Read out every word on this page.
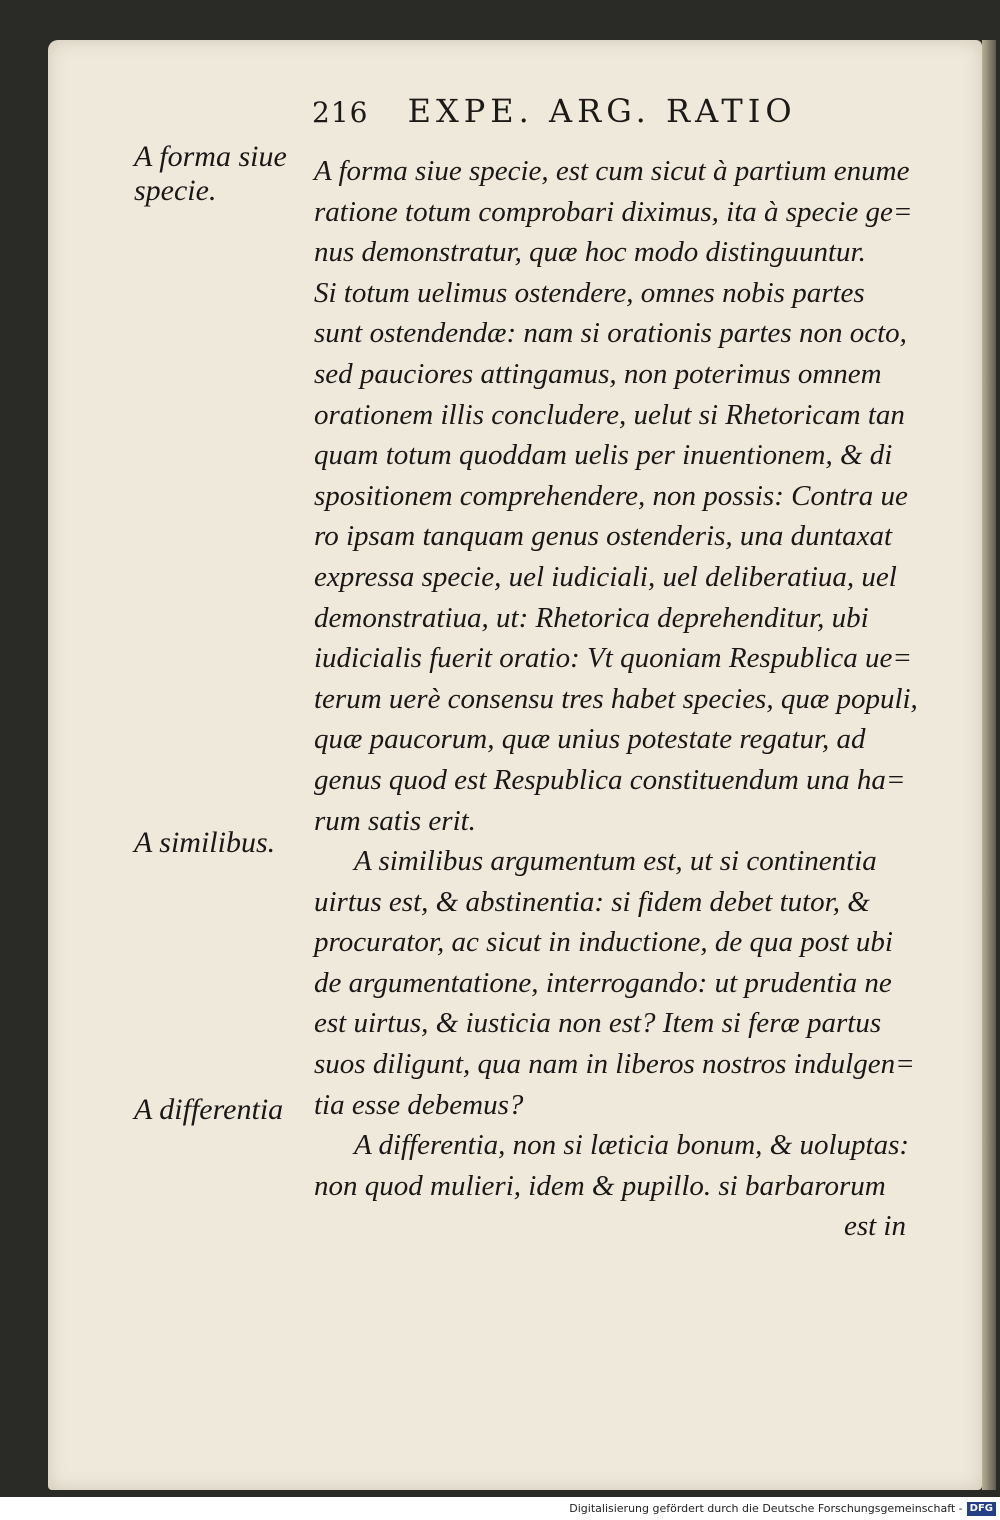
216 EXPE. ARG. RATIO
A forma siue
specie.
A similibus.
A differentia
A forma siue specie, est cum sicut à partium enume
ratione totum comprobari diximus, ita à specie ge=
nus demonstratur, quæ hoc modo distinguuntur.
Si totum uelimus ostendere, omnes nobis partes
sunt ostendendæ: nam si orationis partes non octo,
sed pauciores attingamus, non poterimus omnem
orationem illis concludere, uelut si Rhetoricam tan
quam totum quoddam uelis per inuentionem, & di
spositionem comprehendere, non possis: Contra ue
ro ipsam tanquam genus ostenderis, una duntaxat
expressa specie, uel iudiciali, uel deliberatiua, uel
demonstratiua, ut: Rhetorica deprehenditur, ubi
iudicialis fuerit oratio: Vt quoniam Respublica ue=
terum uerè consensu tres habet species, quæ populi,
quæ paucorum, quæ unius potestate regatur, ad
genus quod est Respublica constituendum una ha=
rum satis erit.
A similibus argumentum est, ut si continentia
uirtus est, & abstinentia: si fidem debet tutor, &
procurator, ac sicut in inductione, de qua post ubi
de argumentatione, interrogando: ut prudentia ne
est uirtus, & iusticia non est? Item si feræ partus
suos diligunt, qua nam in liberos nostros indulgen=
tia esse debemus?
A differentia, non si læticia bonum, & uoluptas:
non quod mulieri, idem & pupillo. si barbarorum
est in
Digitalisierung gefördert durch die Deutsche Forschungsgemeinschaft - DFG
